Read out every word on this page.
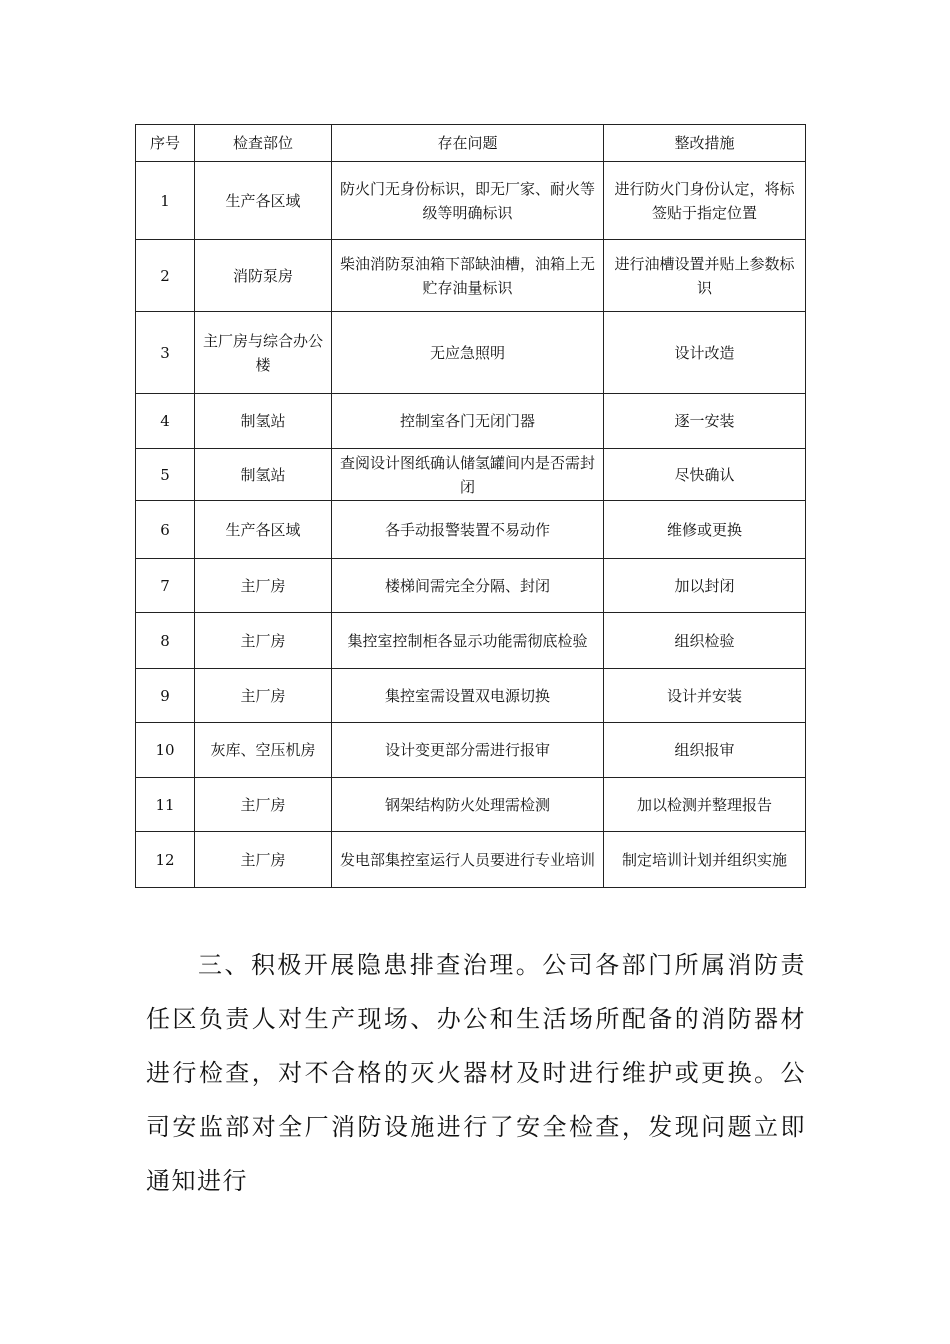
序号	检查部位	存在问题	整改措施
1	生产各区域	防火门无身份标识，即无厂家、耐火等级等明确标识	进行防火门身份认定，将标签贴于指定位置
2	消防泵房	柴油消防泵油箱下部缺油槽，油箱上无贮存油量标识	进行油槽设置并贴上参数标识
3	主厂房与综合办公楼	无应急照明	设计改造
4	制氢站	控制室各门无闭门器	逐一安装
5	制氢站	查阅设计图纸确认储氢罐间内是否需封闭	尽快确认
6	生产各区域	各手动报警装置不易动作	维修或更换
7	主厂房	楼梯间需完全分隔、封闭	加以封闭
8	主厂房	集控室控制柜各显示功能需彻底检验	组织检验
9	主厂房	集控室需设置双电源切换	设计并安装
10	灰库、空压机房	设计变更部分需进行报审	组织报审
11	主厂房	钢架结构防火处理需检测	加以检测并整理报告
12	主厂房	发电部集控室运行人员要进行专业培训	制定培训计划并组织实施

三、积极开展隐患排查治理。公司各部门所属消防责任区负责人对生产现场、办公和生活场所配备的消防器材进行检查，对不合格的灭火器材及时进行维护或更换。公司安监部对全厂消防设施进行了安全检查，发现问题立即通知进行
